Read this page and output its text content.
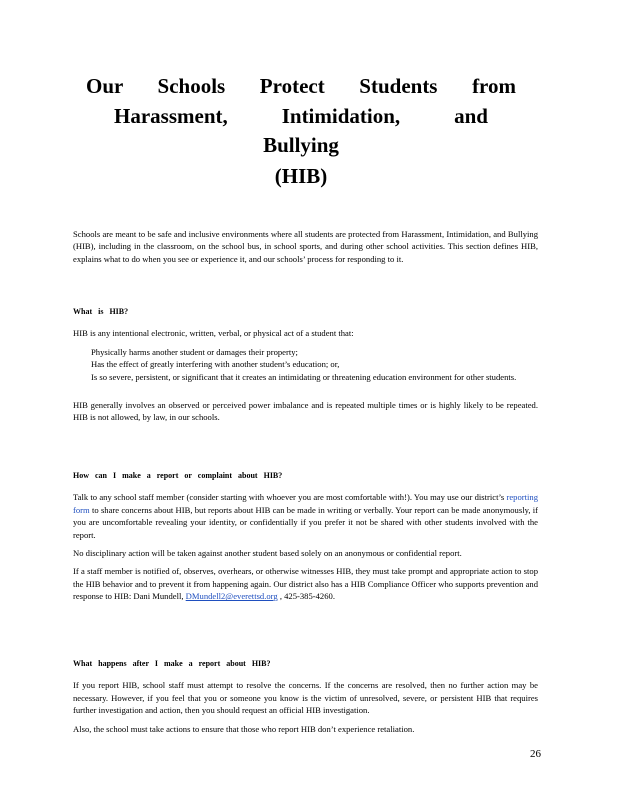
Our Schools Protect Students from
Harassment, Intimidation, and
Bullying
(HIB)

Schools are meant to be safe and inclusive environments where all students are protected from Harassment, Intimidation, and Bullying (HIB), including in the classroom, on the school bus, in school sports, and during other school activities. This section defines HIB, explains what to do when you see or experience it, and our schools’ process for responding to it.

What is HIB?

HIB is any intentional electronic, written, verbal, or physical act of a student that:

Physically harms another student or damages their property;
Has the effect of greatly interfering with another student’s education; or,
Is so severe, persistent, or significant that it creates an intimidating or threatening education environment for other students.

HIB generally involves an observed or perceived power imbalance and is repeated multiple times or is highly likely to be repeated. HIB is not allowed, by law, in our schools.

How can I make a report or complaint about HIB?

Talk to any school staff member (consider starting with whoever you are most comfortable with!). You may use our district’s reporting form to share concerns about HIB, but reports about HIB can be made in writing or verbally. Your report can be made anonymously, if you are uncomfortable revealing your identity, or confidentially if you prefer it not be shared with other students involved with the report.

No disciplinary action will be taken against another student based solely on an anonymous or confidential report.

If a staff member is notified of, observes, overhears, or otherwise witnesses HIB, they must take prompt and appropriate action to stop the HIB behavior and to prevent it from happening again. Our district also has a HIB Compliance Officer who supports prevention and response to HIB: Dani Mundell, DMundell2@everettsd.org , 425-385-4260.

What happens after I make a report about HIB?

If you report HIB, school staff must attempt to resolve the concerns. If the concerns are resolved, then no further action may be necessary. However, if you feel that you or someone you know is the victim of unresolved, severe, or persistent HIB that requires further investigation and action, then you should request an official HIB investigation.

Also, the school must take actions to ensure that those who report HIB don’t experience retaliation.

26
